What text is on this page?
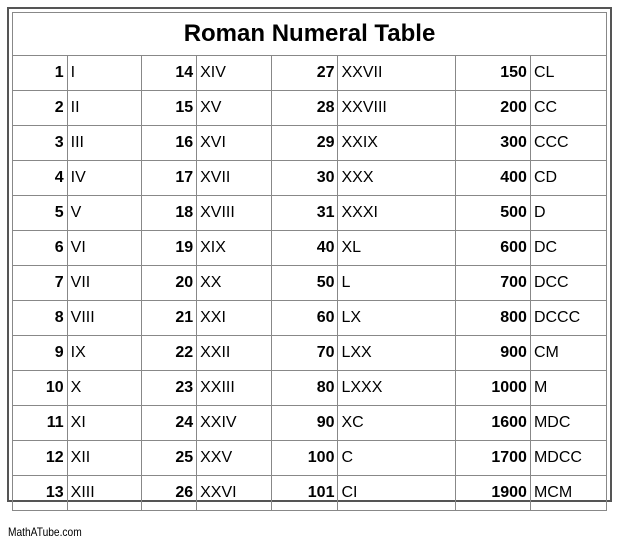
Roman Numeral Table							
1	I	14	XIV	27	XXVII	150	CL
2	II	15	XV	28	XXVIII	200	CC
3	III	16	XVI	29	XXIX	300	CCC
4	IV	17	XVII	30	XXX	400	CD
5	V	18	XVIII	31	XXXI	500	D
6	VI	19	XIX	40	XL	600	DC
7	VII	20	XX	50	L	700	DCC
8	VIII	21	XXI	60	LX	800	DCCC
9	IX	22	XXII	70	LXX	900	CM
10	X	23	XXIII	80	LXXX	1000	M
11	XI	24	XXIV	90	XC	1600	MDC
12	XII	25	XXV	100	C	1700	MDCC
13	XIII	26	XXVI	101	CI	1900	MCM
MathATube.com
